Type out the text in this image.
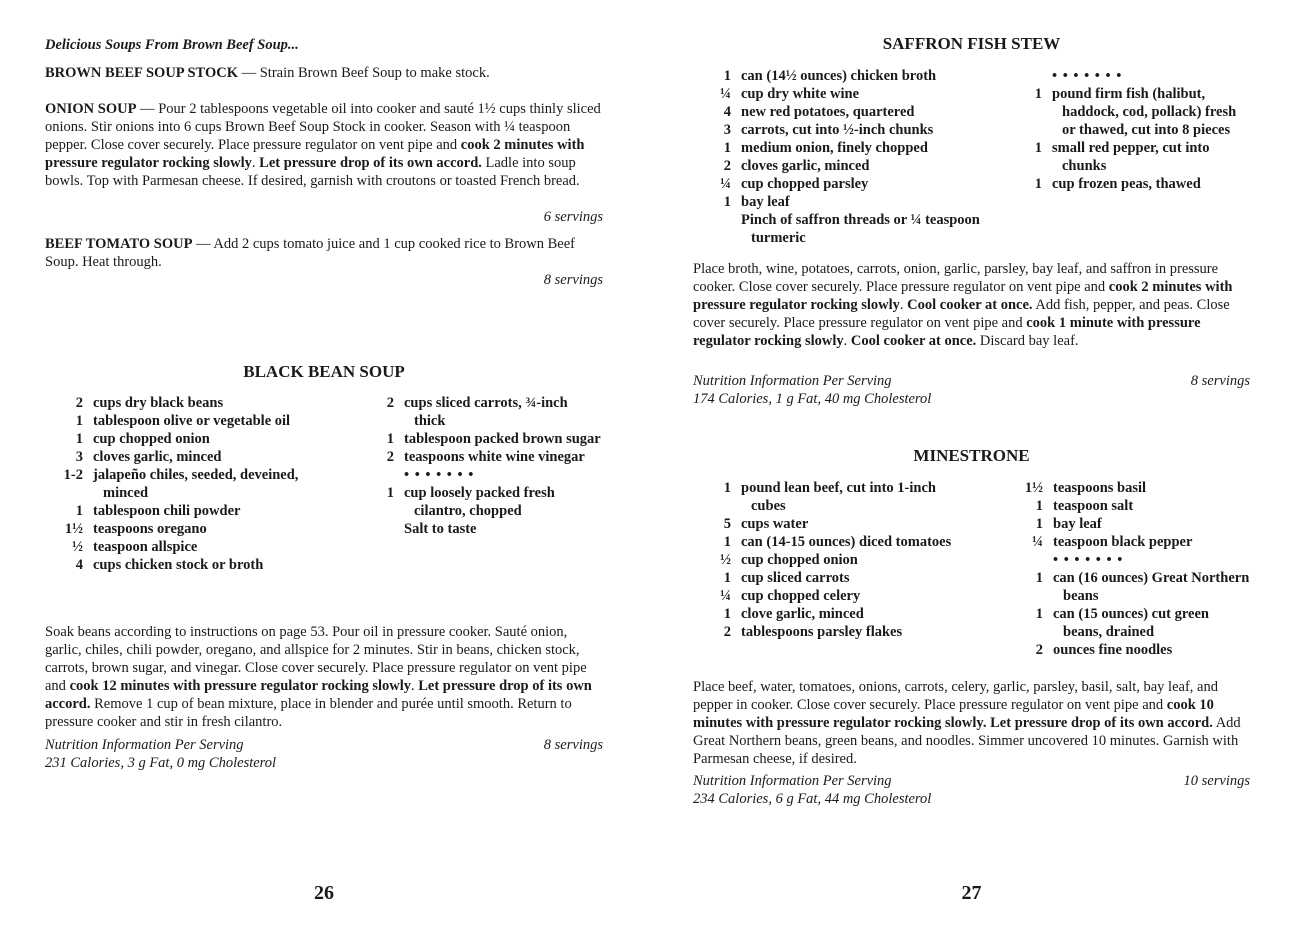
Delicious Soups From Brown Beef Soup...

BROWN BEEF SOUP STOCK — Strain Brown Beef Soup to make stock.

ONION SOUP — Pour 2 tablespoons vegetable oil into cooker and sauté 1½ cups thinly sliced onions. Stir onions into 6 cups Brown Beef Soup Stock in cooker. Season with ¼ teaspoon pepper. Close cover securely. Place pressure regulator on vent pipe and cook 2 minutes with pressure regulator rocking slowly. Let pressure drop of its own accord. Ladle into soup bowls. Top with Parmesan cheese. If desired, garnish with croutons or toasted French bread.

6 servings

BEEF TOMATO SOUP — Add 2 cups tomato juice and 1 cup cooked rice to Brown Beef Soup. Heat through.

8 servings
BLACK BEAN SOUP
2 cups dry black beans
1 tablespoon olive or vegetable oil
1 cup chopped onion
3 cloves garlic, minced
1-2 jalapeño chiles, seeded, deveined, minced
1 tablespoon chili powder
1½ teaspoons oregano
½ teaspoon allspice
4 cups chicken stock or broth
2 cups sliced carrots, ¾-inch thick
1 tablespoon packed brown sugar
2 teaspoons white wine vinegar
• • • • • • •
1 cup loosely packed fresh cilantro, chopped
Salt to taste

Soak beans according to instructions on page 53. Pour oil in pressure cooker. Sauté onion, garlic, chiles, chili powder, oregano, and allspice for 2 minutes. Stir in beans, chicken stock, carrots, brown sugar, and vinegar. Close cover securely. Place pressure regulator on vent pipe and cook 12 minutes with pressure regulator rocking slowly. Let pressure drop of its own accord. Remove 1 cup of bean mixture, place in blender and purée until smooth. Return to pressure cooker and stir in fresh cilantro.

Nutrition Information Per Serving	8 servings
231 Calories, 3 g Fat, 0 mg Cholesterol
26
SAFFRON FISH STEW
1 can (14½ ounces) chicken broth
¼ cup dry white wine
4 new red potatoes, quartered
3 carrots, cut into ½-inch chunks
1 medium onion, finely chopped
2 cloves garlic, minced
¼ cup chopped parsley
1 bay leaf
Pinch of saffron threads or ¼ teaspoon turmeric
• • • • • • •
1 pound firm fish (halibut, haddock, cod, pollack) fresh or thawed, cut into 8 pieces
1 small red pepper, cut into chunks
1 cup frozen peas, thawed

Place broth, wine, potatoes, carrots, onion, garlic, parsley, bay leaf, and saffron in pressure cooker. Close cover securely. Place pressure regulator on vent pipe and cook 2 minutes with pressure regulator rocking slowly. Cool cooker at once. Add fish, pepper, and peas. Close cover securely. Place pressure regulator on vent pipe and cook 1 minute with pressure regulator rocking slowly. Cool cooker at once. Discard bay leaf.

Nutrition Information Per Serving	8 servings
174 Calories, 1 g Fat, 40 mg Cholesterol
MINESTRONE
1 pound lean beef, cut into 1-inch cubes
5 cups water
1 can (14-15 ounces) diced tomatoes
½ cup chopped onion
1 cup sliced carrots
¼ cup chopped celery
1 clove garlic, minced
2 tablespoons parsley flakes
1½ teaspoons basil
1 teaspoon salt
1 bay leaf
¼ teaspoon black pepper
• • • • • • •
1 can (16 ounces) Great Northern beans
1 can (15 ounces) cut green beans, drained
2 ounces fine noodles

Place beef, water, tomatoes, onions, carrots, celery, garlic, parsley, basil, salt, bay leaf, and pepper in cooker. Close cover securely. Place pressure regulator on vent pipe and cook 10 minutes with pressure regulator rocking slowly. Let pressure drop of its own accord. Add Great Northern beans, green beans, and noodles. Simmer uncovered 10 minutes. Garnish with Parmesan cheese, if desired.

Nutrition Information Per Serving	10 servings
234 Calories, 6 g Fat, 44 mg Cholesterol
27
